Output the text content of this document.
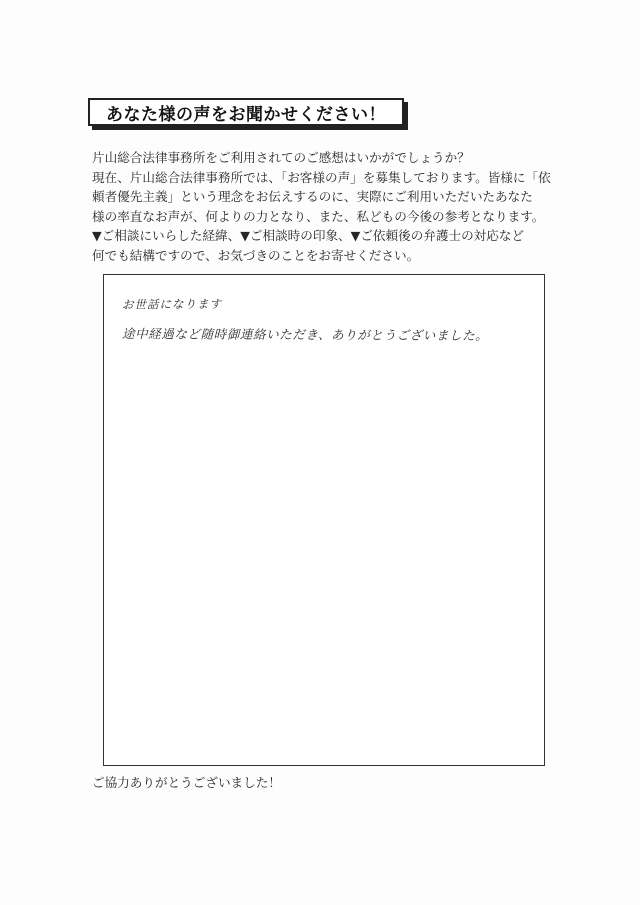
あなた様の声をお聞かせください！
片山総合法律事務所をご利用されてのご感想はいかがでしょうか？
現在、片山総合法律事務所では、「お客様の声」を募集しております。皆様に「依
頼者優先主義」という理念をお伝えするのに、実際にご利用いただいたあなた
様の率直なお声が、何よりの力となり、また、私どもの今後の参考となります。
▼ご相談にいらした経緯、▼ご相談時の印象、▼ご依頼後の弁護士の対応など
何でも結構ですので、お気づきのことをお寄せください。
お世話になります
途中経過など随時御連絡いただき、ありがとうございました。
ご協力ありがとうございました！
